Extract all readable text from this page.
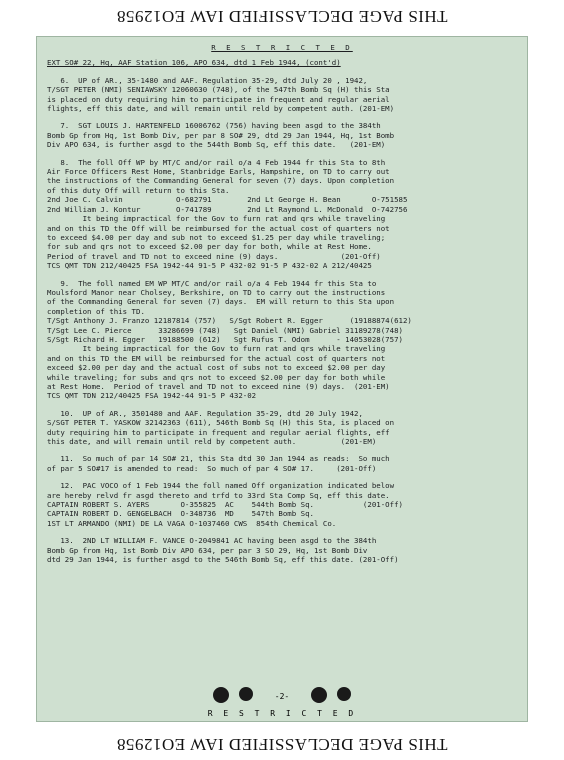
THIS PAGE DECLASSIFIED IAW EO12958
R E S T R I C T E D
EXT SO# 22, Hq, AAF Station 106, APO 634, dtd 1 Feb 1944, (cont'd)
6.  UP of AR., 35-1480 and AAF. Regulation 35-29, dtd July 20 , 1942,
T/SGT PETER (NMI) SENIAWSKY 12060630 (748), of the 547th Bomb Sq (H) this Sta
is placed on duty requiring him to participate in frequent and regular aerial
flights, eff this date, and will remain until reld by competent auth. (201-EM)
7.  SGT LOUIS J. HARTENFELD 16006762 (756) having been asgd to the 384th
Bomb Gp from Hq, 1st Bomb Div, per par 8 SO# 29, dtd 29 Jan 1944, Hq, 1st Bomb
Div APO 634, is further asgd to the 544th Bomb Sq, eff this date.   (201-EM)
8.  The foll Off WP by MT/C and/or rail o/a 4 Feb 1944 fr this Sta to 8th
Air Force Officers Rest Home, Stanbridge Earls, Hampshire, on TD to carry out
the instructions of the Commanding General for seven (7) days. Upon completion
of this duty Off will return to this Sta.
2nd Joe C. Calvin            O-682791        2nd Lt George H. Bean       O-751585
2nd William J. Kontur        O-741789        2nd Lt Raymond L. McDonald  O-742756
It being impractical for the Gov to furn rat and qrs while traveling
and on this TD the Off will be reimbursed for the actual cost of quarters not
to exceed $4.00 per day and sub not to exceed $1.25 per day while traveling;
for sub and qrs not to exceed $2.00 per day for both, while at Rest Home.
Period of travel and TD not to exceed nine (9) days.              (201-Off)
TCS QMT TDN 212/40425 FSA 1942-44 91-5 P 432-02 91-5 P 432-02 A 212/40425
9.  The foll named EM WP MT/C and/or rail o/a 4 Feb 1944 fr this Sta to
Moulsford Manor near Cholsey, Berkshire, on TD to carry out the instructions
of the Commanding General for seven (7) days.  EM will return to this Sta upon
completion of this TD.
T/Sgt Anthony J. Franzo 12187814 (757)   S/Sgt Robert R. Egger      (19188874(612)
T/Sgt Lee C. Pierce      33286699 (748)   Sgt Daniel (NMI) Gabriel 31189278(748)
S/Sgt Richard H. Egger   19188500 (612)   Sgt Rufus T. Odom      - 14053028(757)
It being impractical for the Gov to furn rat and qrs while traveling
and on this TD the EM will be reimbursed for the actual cost of quarters not
exceed $2.00 per day and the actual cost of subs not to exceed $2.00 per day
while traveling; for subs and qrs not to exceed $2.00 per day for both while
at Rest Home.  Period of travel and TD not to exceed nine (9) days.  (201-EM)
TCS QMT TDN 212/40425 FSA 1942-44 91-5 P 432-02
10.  UP of AR., 3501480 and AAF. Regulation 35-29, dtd 20 July 1942,
S/SGT PETER T. YASKOW 32142363 (611), 546th Bomb Sq (H) this Sta, is placed on
duty requiring him to participate in frequent and regular aerial flights, eff
this date, and will remain until reld by competent auth.          (201-EM)
11.  So much of par 14 SO# 21, this Sta dtd 30 Jan 1944 as reads:  So much
of par 5 SO#17 is amended to read:  So much of par 4 SO# 17.     (201-Off)
12.  PAC VOCO of 1 Feb 1944 the foll named Off organization indicated below
are hereby relvd fr asgd thereto and trfd to 33rd Sta Comp Sq, eff this date.
CAPTAIN ROBERT S. AYERS       O-355825  AC    544th Bomb Sq.           (201-Off)
CAPTAIN ROBERT D. GENGELBACH  O-348736  MD    547th Bomb Sq.
1ST LT ARMANDO (NMI) DE LA VAGA O-1037460 CWS  854th Chemical Co.
13.  2ND LT WILLIAM F. VANCE O-2049841 AC having been asgd to the 384th
Bomb Gp from Hq, 1st Bomb Div APO 634, per par 3 SO 29, Hq, 1st Bomb Div
dtd 29 Jan 1944, is further asgd to the 546th Bomb Sq, eff this date. (201-Off)
-2-
R E S T R I C T E D
THIS PAGE DECLASSIFIED IAW EO12958
